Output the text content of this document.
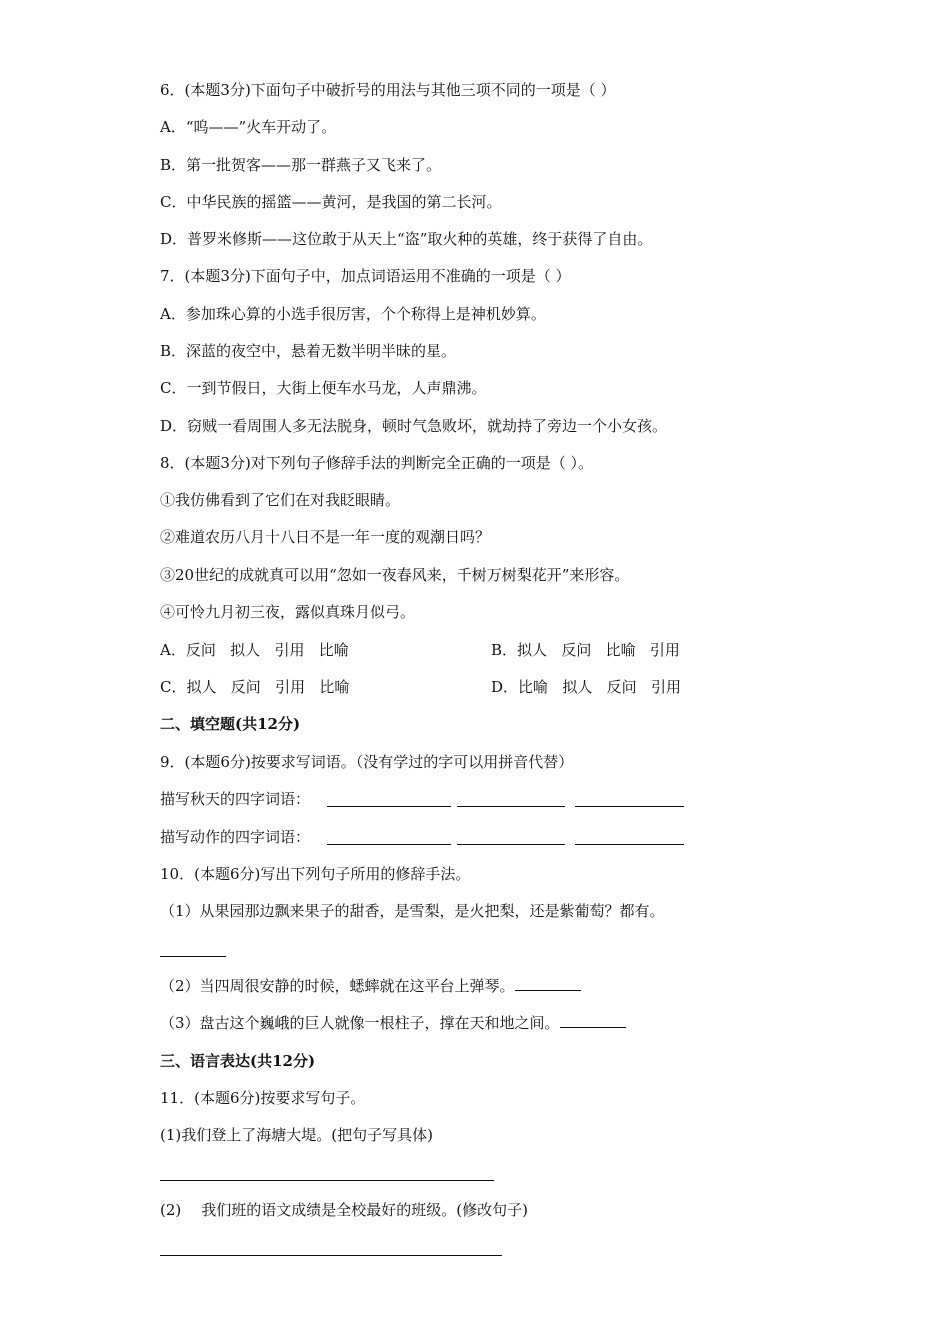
6．(本题3分)下面句子中破折号的用法与其他三项不同的一项是（ ）
A．“呜——”火车开动了。
B．第一批贺客——那一群燕子又飞来了。
C．中华民族的摇篮——黄河，是我国的第二长河。
D．普罗米修斯——这位敢于从天上“盗”取火种的英雄，终于获得了自由。
7．(本题3分)下面句子中，加点词语运用不准确的一项是（ ）
A．参加珠心算的小选手很厉害，个个称得上是神机妙算。
B．深蓝的夜空中，悬着无数半明半昧的星。
C．一到节假日，大街上便车水马龙，人声鼎沸。
D．窃贼一看周围人多无法脱身，顿时气急败坏，就劫持了旁边一个小女孩。
8．(本题3分)对下列句子修辞手法的判断完全正确的一项是（ ）。
①我仿佛看到了它们在对我眨眼睛。
②难道农历八月十八日不是一年一度的观潮日吗？
③20世纪的成就真可以用“忽如一夜春风来，千树万树梨花开”来形容。
④可怜九月初三夜，露似真珠月似弓。
A．反问   拟人   引用   比喻	B．拟人   反问   比喻   引用
C．拟人   反问   引用   比喻	D．比喻   拟人   反问   引用
二、填空题(共12分)
9．(本题6分)按要求写词语。（没有学过的字可以用拼音代替）
描写秋天的四字词语：
描写动作的四字词语：
10．(本题6分)写出下列句子所用的修辞手法。
（1）从果园那边飘来果子的甜香，是雪梨，是火把梨，还是紫葡萄？都有。
（2）当四周很安静的时候，蟋蟀就在这平台上弹琴。
（3）盘古这个巍峨的巨人就像一根柱子，撑在天和地之间。
三、语言表达(共12分)
11．(本题6分)按要求写句子。
(1)我们登上了海塘大堤。(把句子写具体)
(2) 我们班的语文成绩是全校最好的班级。(修改句子)
